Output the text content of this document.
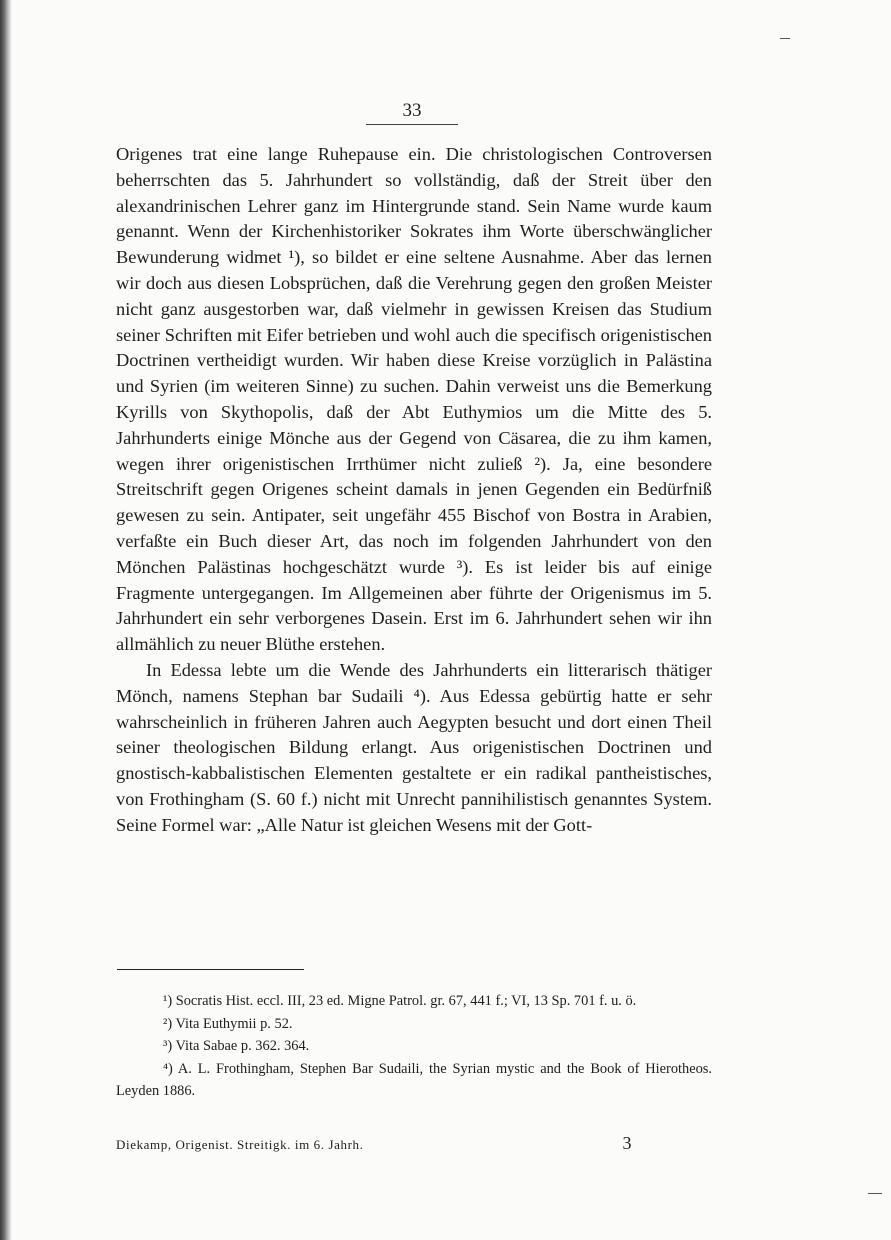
33

Origenes trat eine lange Ruhepause ein. Die christologischen Controversen beherrschten das 5. Jahrhundert so vollständig, daß der Streit über den alexandrinischen Lehrer ganz im Hintergrunde stand. Sein Name wurde kaum genannt. Wenn der Kirchenhistoriker Sokrates ihm Worte überschwänglicher Bewunderung widmet ¹), so bildet er eine seltene Ausnahme. Aber das lernen wir doch aus diesen Lobsprüchen, daß die Verehrung gegen den großen Meister nicht ganz ausgestorben war, daß vielmehr in gewissen Kreisen das Studium seiner Schriften mit Eifer betrieben und wohl auch die specifisch origenistischen Doctrinen vertheidigt wurden. Wir haben diese Kreise vorzüglich in Palästina und Syrien (im weiteren Sinne) zu suchen. Dahin verweist uns die Bemerkung Kyrills von Skythopolis, daß der Abt Euthymios um die Mitte des 5. Jahrhunderts einige Mönche aus der Gegend von Cäsarea, die zu ihm kamen, wegen ihrer origenistischen Irrthümer nicht zuließ ²). Ja, eine besondere Streitschrift gegen Origenes scheint damals in jenen Gegenden ein Bedürfniß gewesen zu sein. Antipater, seit ungefähr 455 Bischof von Bostra in Arabien, verfaßte ein Buch dieser Art, das noch im folgenden Jahrhundert von den Mönchen Palästinas hochgeschätzt wurde ³). Es ist leider bis auf einige Fragmente untergegangen. Im Allgemeinen aber führte der Origenismus im 5. Jahrhundert ein sehr verborgenes Dasein. Erst im 6. Jahrhundert sehen wir ihn allmählich zu neuer Blüthe erstehen.

In Edessa lebte um die Wende des Jahrhunderts ein litterarisch thätiger Mönch, namens Stephan bar Sudaili ⁴). Aus Edessa gebürtig hatte er sehr wahrscheinlich in früheren Jahren auch Aegypten besucht und dort einen Theil seiner theologischen Bildung erlangt. Aus origenistischen Doctrinen und gnostisch-kabbalistischen Elementen gestaltete er ein radikal pantheistisches, von Frothingham (S. 60 f.) nicht mit Unrecht pannihilistisch genanntes System. Seine Formel war: „Alle Natur ist gleichen Wesens mit der Gott-

¹) Socratis Hist. eccl. III, 23 ed. Migne Patrol. gr. 67, 441 f.; VI, 13 Sp. 701 f. u. ö.

²) Vita Euthymii p. 52.

³) Vita Sabae p. 362. 364.

⁴) A. L. Frothingham, Stephen Bar Sudaili, the Syrian mystic and the Book of Hierotheos. Leyden 1886.

Diekamp, Origenist. Streitigk. im 6. Jahrh.	3
